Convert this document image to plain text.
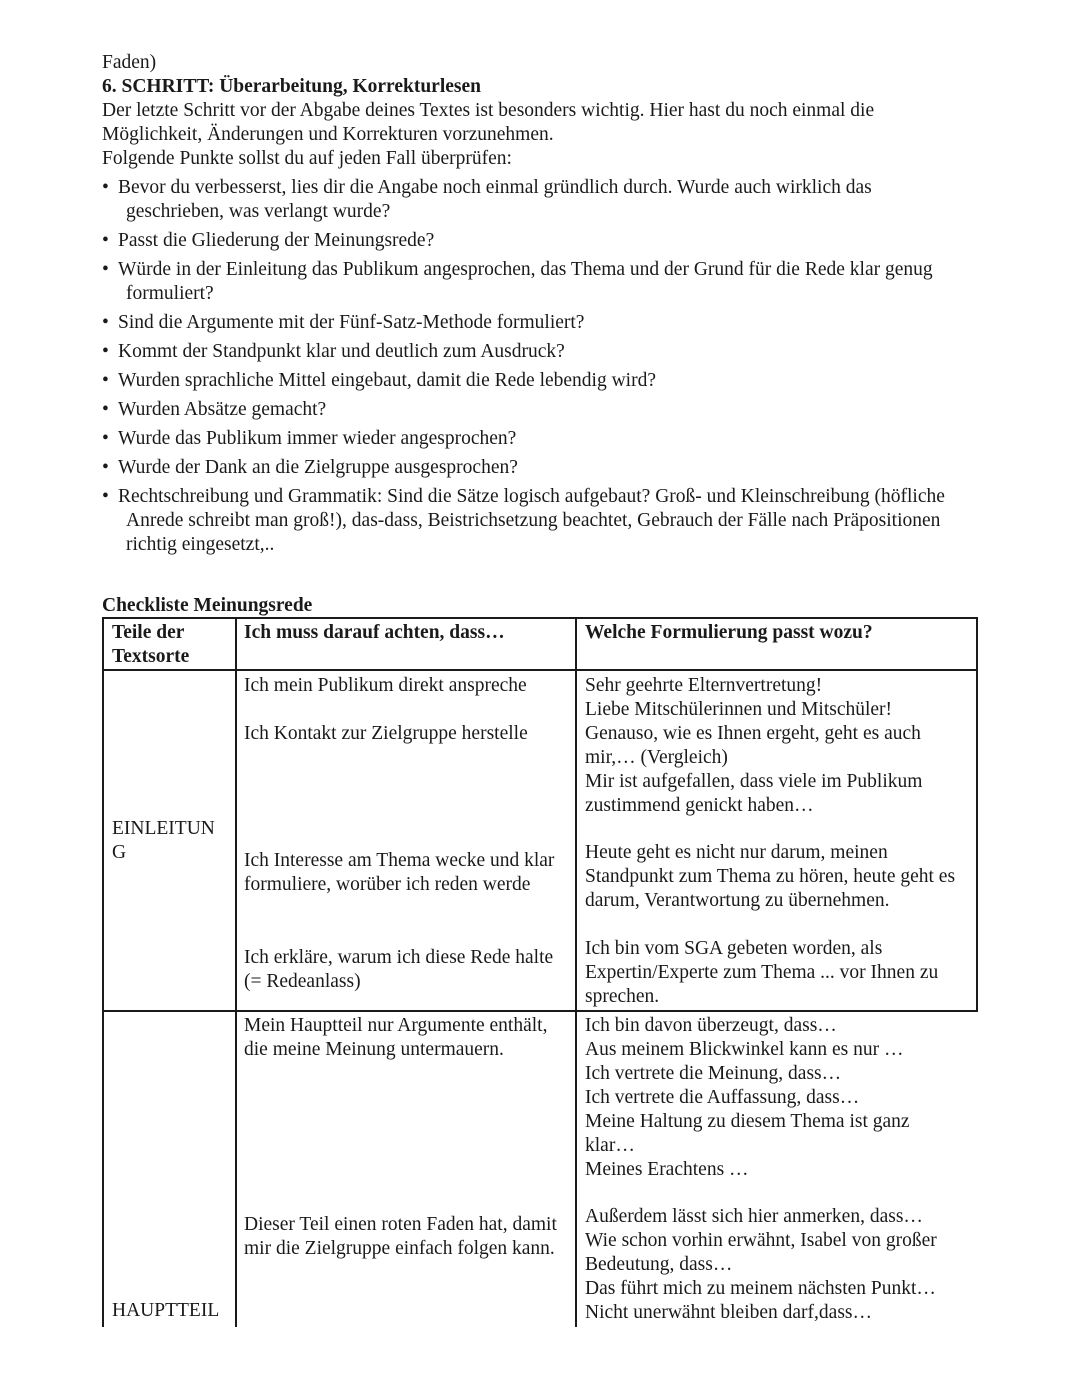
Faden)
6. SCHRITT: Überarbeitung, Korrekturlesen
Der letzte Schritt vor der Abgabe deines Textes ist besonders wichtig. Hier hast du noch einmal die
Möglichkeit, Änderungen und Korrekturen vorzunehmen.
Folgende Punkte sollst du auf jeden Fall überprüfen:
• Bevor du verbesserst, lies dir die Angabe noch einmal gründlich durch. Wurde auch wirklich das
geschrieben, was verlangt wurde?
• Passt die Gliederung der Meinungsrede?
• Würde in der Einleitung das Publikum angesprochen, das Thema und der Grund für die Rede klar genug
formuliert?
• Sind die Argumente mit der Fünf-Satz-Methode formuliert?
• Kommt der Standpunkt klar und deutlich zum Ausdruck?
• Wurden sprachliche Mittel eingebaut, damit die Rede lebendig wird?
• Wurden Absätze gemacht?
• Wurde das Publikum immer wieder angesprochen?
• Wurde der Dank an die Zielgruppe ausgesprochen?
• Rechtschreibung und Grammatik: Sind die Sätze logisch aufgebaut? Groß- und Kleinschreibung (höfliche
Anrede schreibt man groß!), das-dass, Beistrichsetzung beachtet, Gebrauch der Fälle nach Präpositionen
richtig eingesetzt,..
Checkliste Meinungsrede
Teile der
Textsorte
Ich muss darauf achten, dass…	Welche Formulierung passt wozu?
EINLEITUN
G
Ich mein Publikum direkt anspreche
Ich Kontakt zur Zielgruppe herstelle
Ich Interesse am Thema wecke und klar
formuliere, worüber ich reden werde
Ich erkläre, warum ich diese Rede halte
(= Redeanlass)
Sehr geehrte Elternvertretung!
Liebe Mitschülerinnen und Mitschüler!
Genauso, wie es Ihnen ergeht, geht es auch
mir,… (Vergleich)
Mir ist aufgefallen, dass viele im Publikum
zustimmend genickt haben…
Heute geht es nicht nur darum, meinen
Standpunkt zum Thema zu hören, heute geht es
darum, Verantwortung zu übernehmen.
Ich bin vom SGA gebeten worden, als
Expertin/Experte zum Thema ... vor Ihnen zu
sprechen.
HAUPTTEIL
Mein Hauptteil nur Argumente enthält,
die meine Meinung untermauern.
Dieser Teil einen roten Faden hat, damit
mir die Zielgruppe einfach folgen kann.
Ich bin davon überzeugt, dass…
Aus meinem Blickwinkel kann es nur …
Ich vertrete die Meinung, dass…
Ich vertrete die Auffassung, dass…
Meine Haltung zu diesem Thema ist ganz
klar…
Meines Erachtens …
Außerdem lässt sich hier anmerken, dass…
Wie schon vorhin erwähnt, Isabel von großer
Bedeutung, dass…
Das führt mich zu meinem nächsten Punkt…
Nicht unerwähnt bleiben darf,dass…
